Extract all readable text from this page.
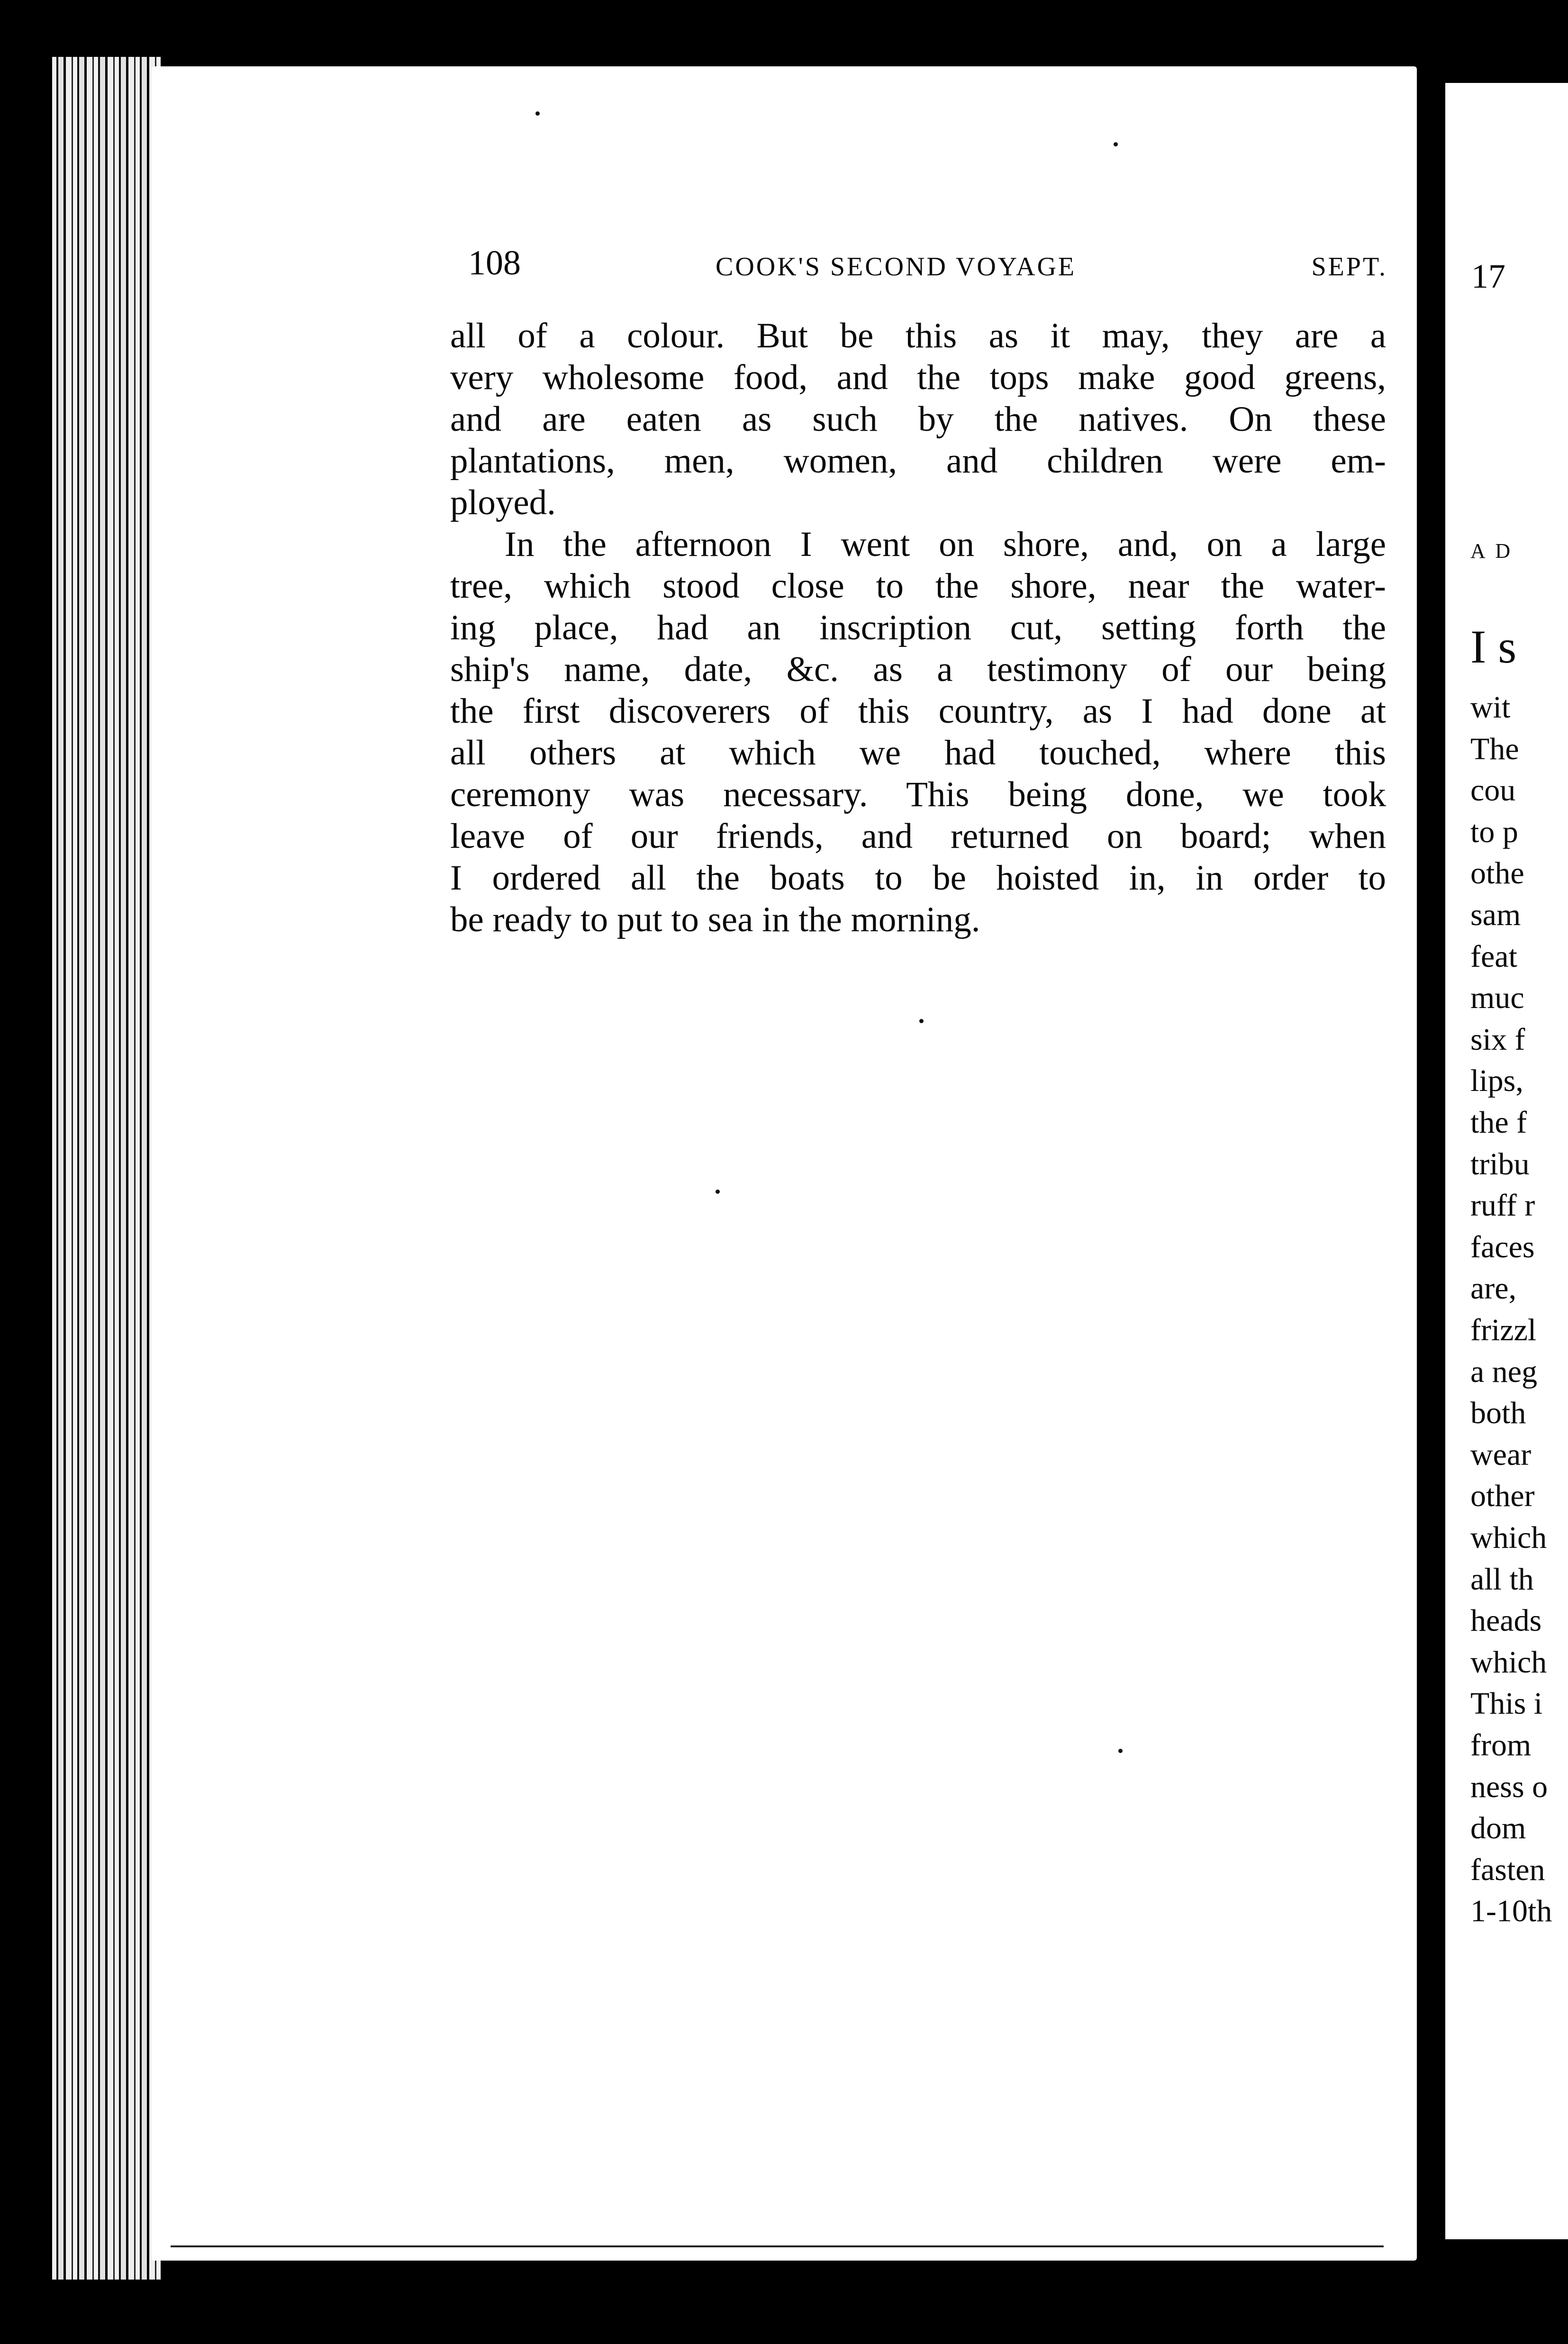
108	COOK'S SECOND VOYAGE	SEPT.
all of a colour. But be this as it may, they are a
very wholesome food, and the tops make good greens,
and are eaten as such by the natives. On these
plantations, men, women, and children were em-
ployed.
In the afternoon I went on shore, and, on a large
tree, which stood close to the shore, near the water-
ing place, had an inscription cut, setting forth the
ship's name, date, &c. as a testimony of our being
the first discoverers of this country, as I had done at
all others at which we had touched, where this
ceremony was necessary. This being done, we took
leave of our friends, and returned on board; when
I ordered all the boats to be hoisted in, in order to
be ready to put to sea in the morning.
17
A D
I s
wit
The
cou
to p
othe
sam
feat
muc
six f
lips,
the f
tribu
ruff r
faces
are,
frizzl
a neg
both
wear
other
which
all th
heads
which
This i
from
ness o
dom
fasten
1-10th
